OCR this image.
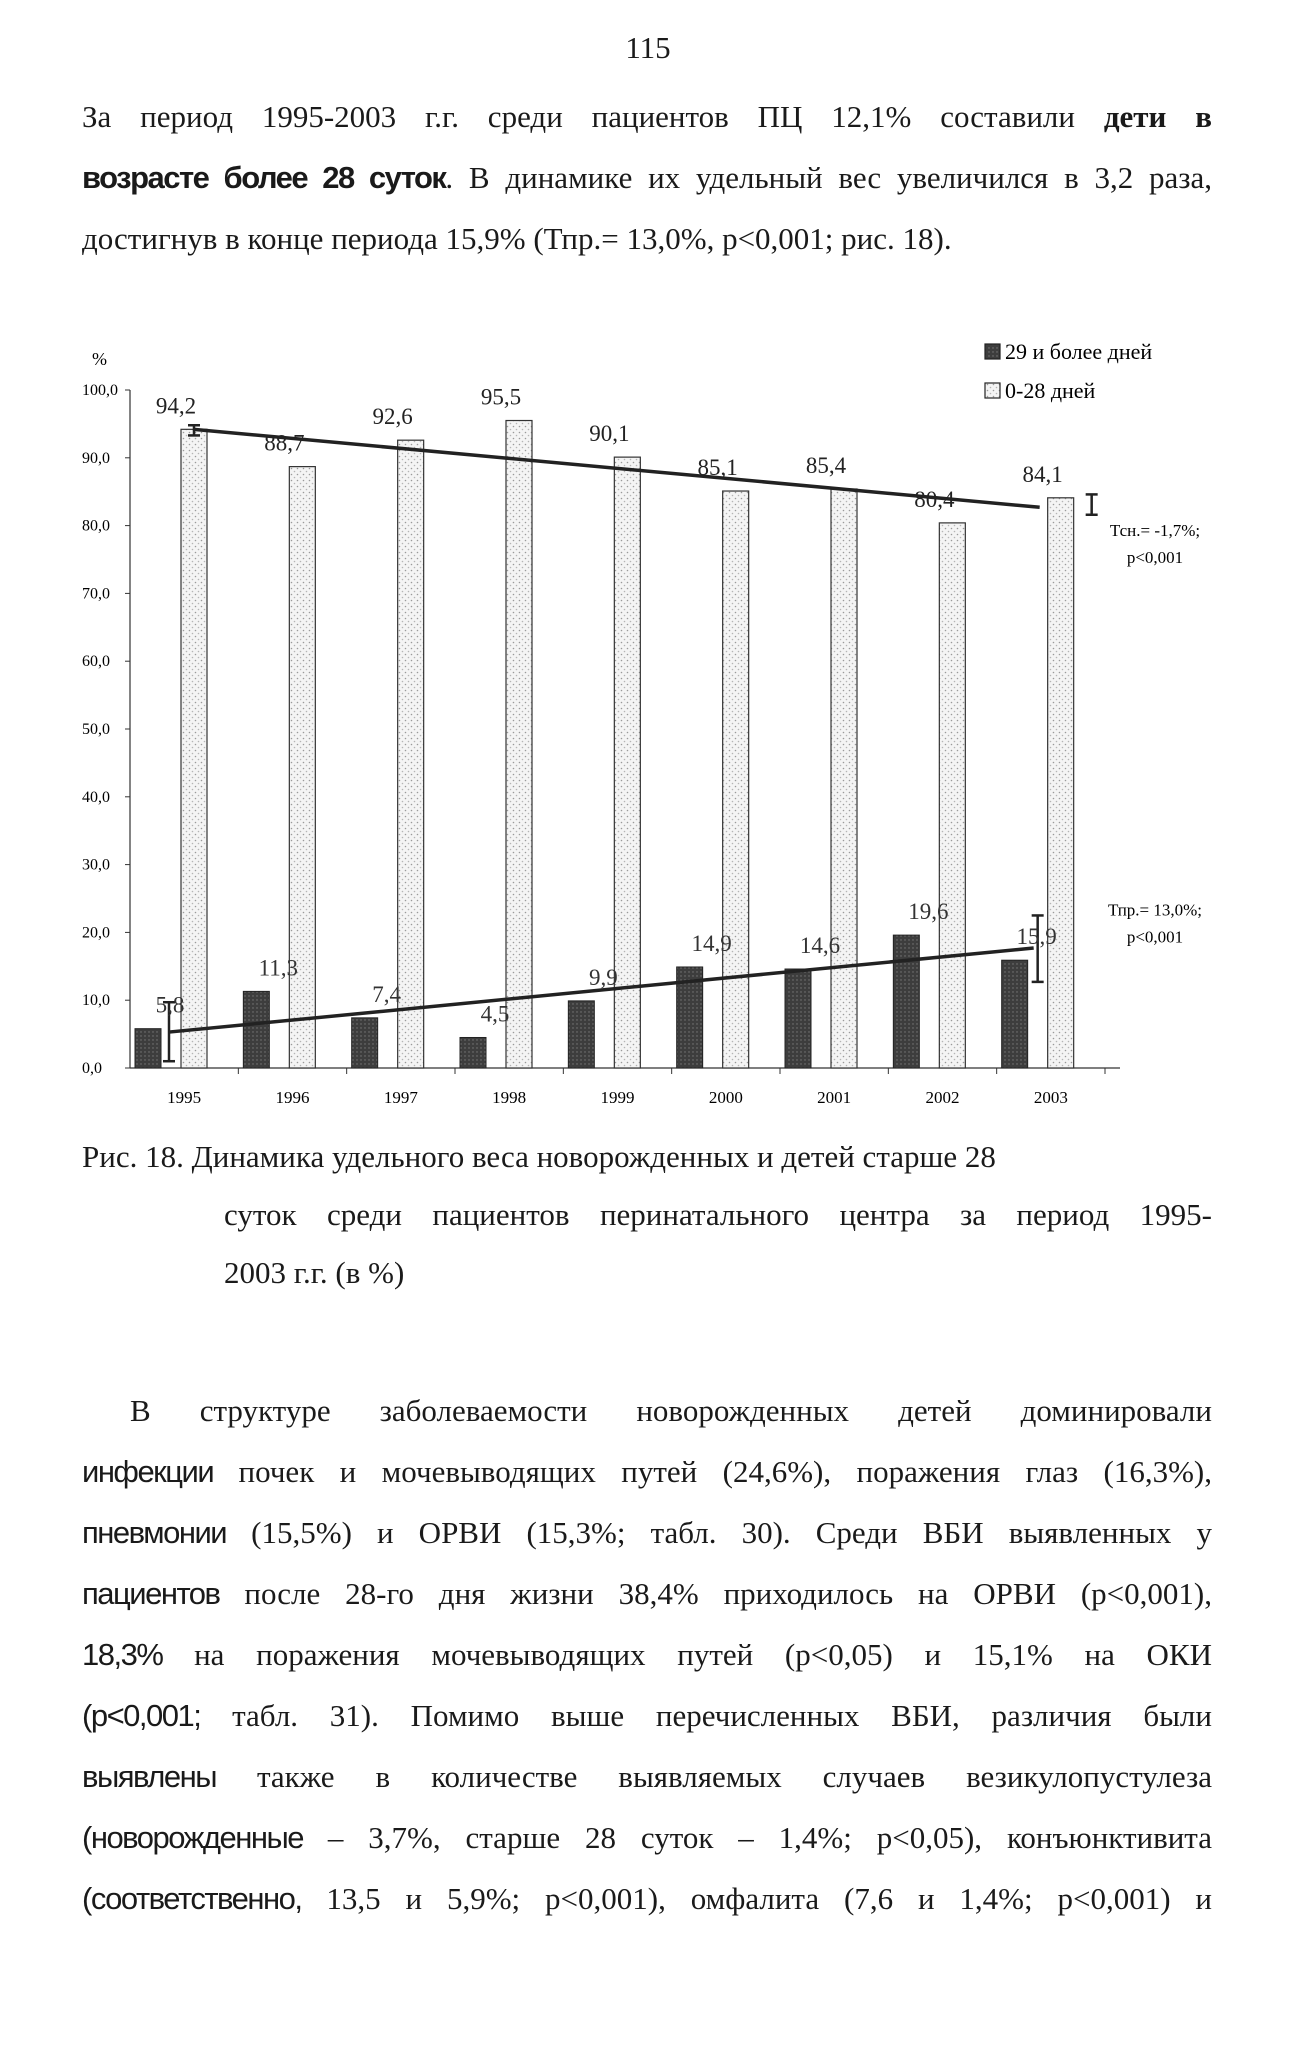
115

За период 1995-2003 г.г. среди пациентов ПЦ 12,1% составили дети в
возрасте более 28 суток. В динамике их удельный вес увеличился в 3,2 раза,
достигнув в конце периода 15,9% (Тпр.= 13,0%, р<0,001; рис. 18).

%
0,0
10,0
20,0
30,0
40,0
50,0
60,0
70,0
80,0
90,0
100,0
1995	1996	1997	1998	1999	2000	2001	2002	2003
Тсн.= -1,7%;
p<0,001
Тпр.= 13,0%;
p<0,001
5,8
94,2
11,3
88,7
7,4
92,6
4,5
95,5
9,9
90,1
14,9
85,1
14,6
85,4
19,6
80,4
15,9
84,1
29 и более дней
0-28 дней
Рис. 18. Динамика удельного веса новорожденных и детей старше 28
суток среди пациентов перинатального центра за период 1995-
2003 г.г. (в %)

В структуре заболеваемости новорожденных детей доминировали
инфекции почек и мочевыводящих путей (24,6%), поражения глаз (16,3%),
пневмонии (15,5%) и ОРВИ (15,3%; табл. 30). Среди ВБИ выявленных у
пациентов после 28-го дня жизни 38,4% приходилось на ОРВИ (р<0,001),
18,3% на поражения мочевыводящих путей (р<0,05) и 15,1% на ОКИ
(р<0,001; табл. 31). Помимо выше перечисленных ВБИ, различия были
выявлены также в количестве выявляемых случаев везикулопустулеза
(новорожденные – 3,7%, старше 28 суток – 1,4%; р<0,05), конъюнктивита
(соответственно, 13,5 и 5,9%; р<0,001), омфалита (7,6 и 1,4%; р<0,001) и
